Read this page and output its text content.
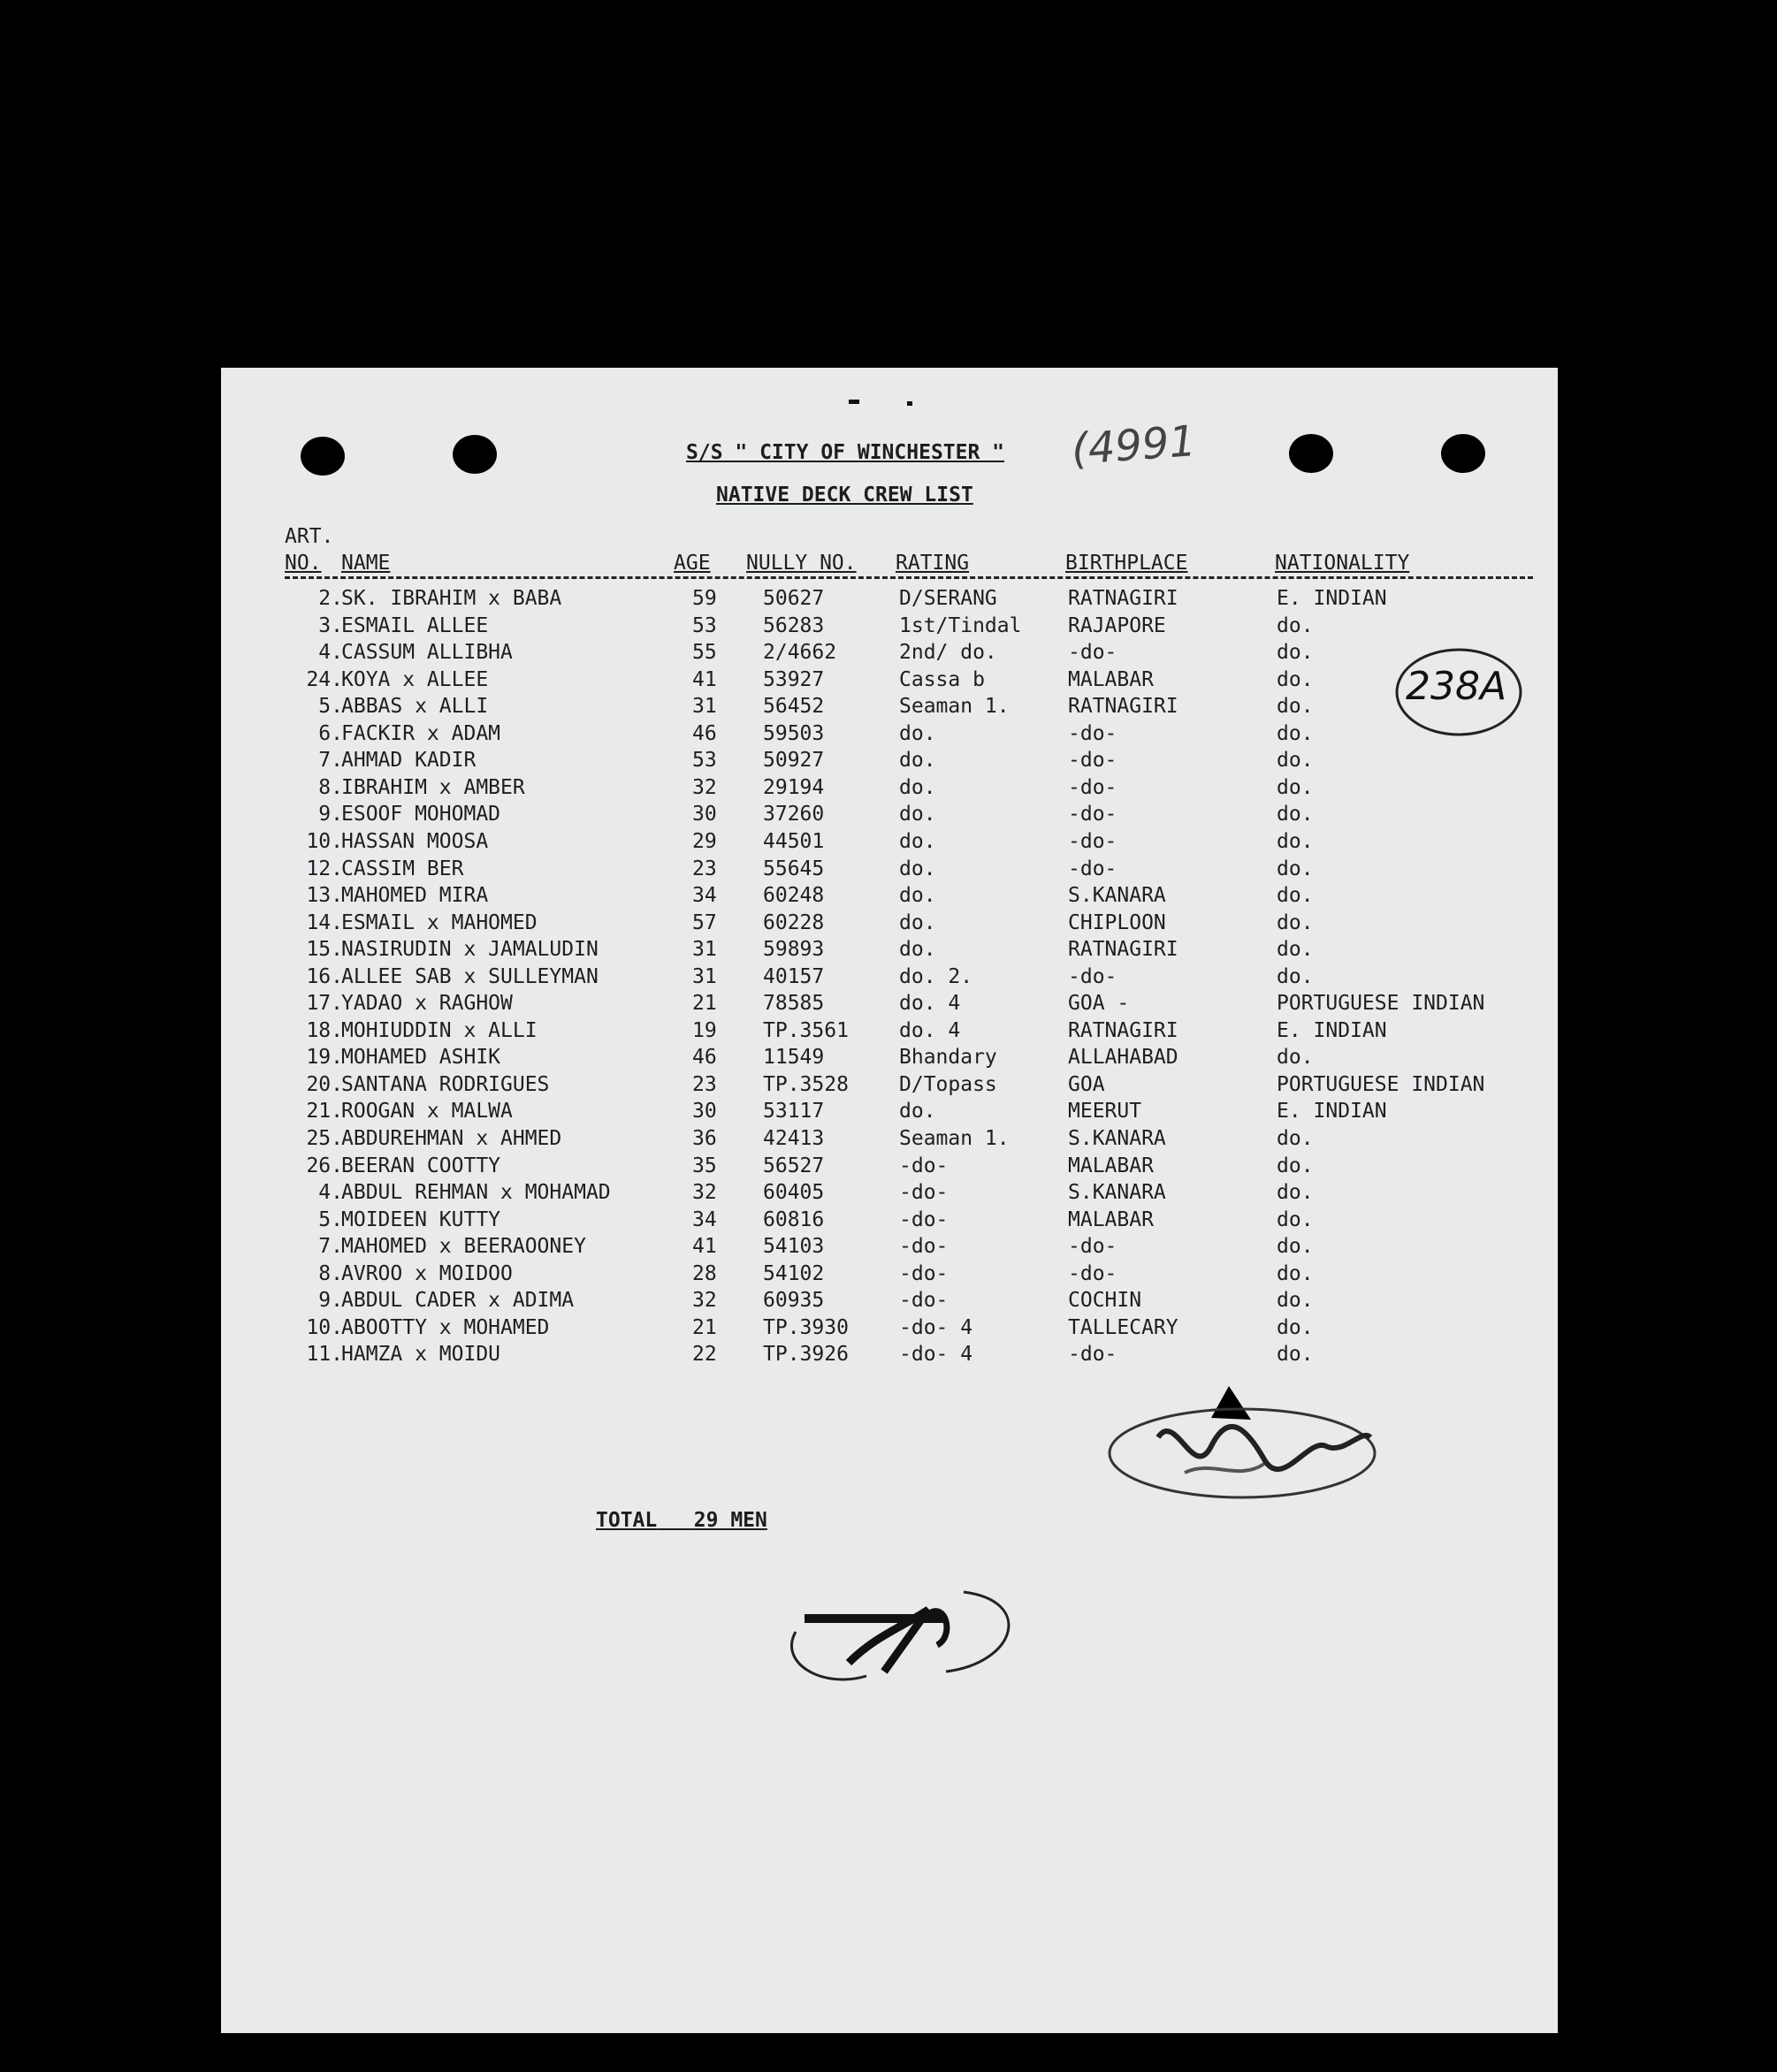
S/S " CITY OF WINCHESTER "
NATIVE DECK CREW LIST
(4991
ART.
NO. NAME	AGE NULLY NO. RATING	BIRTHPLACE	NATIONALITY
2.
SK. IBRAHIM x BABA	59 50627	D/SERANG	RATNAGIRI	E. INDIAN
3.
ESMAIL ALLEE	53 56283	1st/Tindal RAJAPORE	do.
4.
CASSUM ALLIBHA	55 2/4662	2nd/ do.	-do-	do.
24.
KOYA x ALLEE	41 53927	Cassa b	MALABAR	do.
5.
ABBAS x ALLI	31 56452	Seaman 1.	RATNAGIRI	do.
6.
FACKIR x ADAM	46 59503	do.	-do-	do.
7.
AHMAD KADIR	53 50927	do.	-do-	do.
8.
IBRAHIM x AMBER	32 29194	do.	-do-	do.
9.
ESOOF MOHOMAD	30 37260	do.	-do-	do.
10.
HASSAN MOOSA	29 44501	do.	-do-	do.
12.
CASSIM BER	23 55645	do.	-do-	do.
13.
MAHOMED MIRA	34 60248	do.	S.KANARA	do.
14.
ESMAIL x MAHOMED	57 60228	do.	CHIPLOON	do.
15.
NASIRUDIN x JAMALUDIN	31 59893	do.	RATNAGIRI	do.
16.
ALLEE SAB x SULLEYMAN	31 40157	do. 2.	-do-	do.
17.
YADAO x RAGHOW	21 78585	do. 4	GOA -	PORTUGUESE INDIAN
18.
MOHIUDDIN x ALLI	19 TP.3561 do. 4	RATNAGIRI	E. INDIAN
19.
MOHAMED ASHIK	46 11549	Bhandary	ALLAHABAD	do.
20.
SANTANA RODRIGUES	23 TP.3528 D/Topass	GOA	PORTUGUESE INDIAN
21.
ROOGAN x MALWA	30 53117	do.	MEERUT	E. INDIAN
25.
ABDUREHMAN x AHMED	36 42413	Seaman 1.	S.KANARA	do.
26.
BEERAN COOTTY	35 56527	-do-	MALABAR	do.
4.
ABDUL REHMAN x MOHAMAD	32 60405	-do-	S.KANARA	do.
5.
MOIDEEN KUTTY	34 60816	-do-	MALABAR	do.
7.
MAHOMED x BEERAOONEY	41 54103	-do-	-do-	do.
8.
AVROO x MOIDOO	28 54102	-do-	-do-	do.
9.
ABDUL CADER x ADIMA	32 60935	-do-	COCHIN	do.
10.
ABOOTTY x MOHAMED	21 TP.3930 -do- 4	TALLECARY	do.
11.
HAMZA x MOIDU	22 TP.3926 -do- 4	-do-	do.
238A
TOTAL 29 MEN
